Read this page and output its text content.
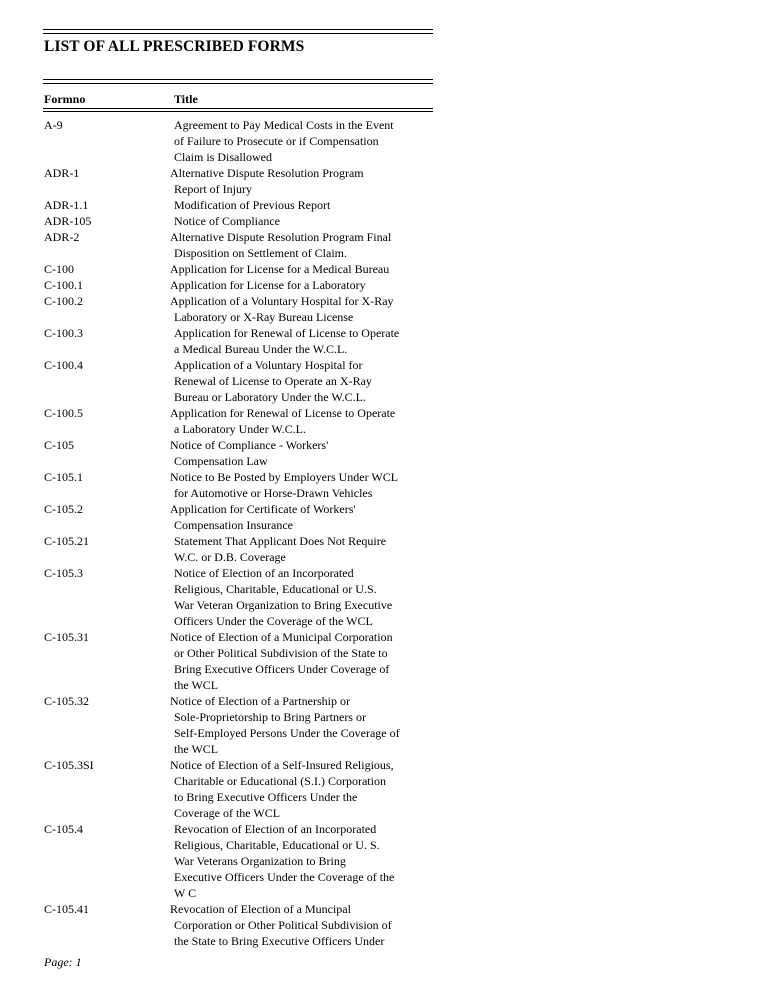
LIST OF ALL PRESCRIBED FORMS
Formno	Title
A-9	Agreement to Pay Medical Costs in the Event
of Failure to Prosecute or if Compensation
Claim is Disallowed
ADR-1	Alternative Dispute Resolution Program
Report of Injury
ADR-1.1	Modification of Previous Report
ADR-105	Notice of Compliance
ADR-2	Alternative Dispute Resolution Program Final
Disposition on Settlement of Claim.
C-100	Application for License for a Medical Bureau
C-100.1	Application for License for a Laboratory
C-100.2	Application of a Voluntary Hospital for X-Ray
Laboratory or X-Ray Bureau License
C-100.3	Application for Renewal of License to Operate
a Medical Bureau Under the W.C.L.
C-100.4	Application of a Voluntary Hospital for
Renewal of License to Operate an X-Ray
Bureau or Laboratory Under the W.C.L.
C-100.5	Application for Renewal of License to Operate
a Laboratory Under W.C.L.
C-105	Notice of Compliance - Workers'
Compensation Law
C-105.1	Notice to Be Posted by Employers Under WCL
for Automotive or Horse-Drawn Vehicles
C-105.2	Application for Certificate of Workers'
Compensation Insurance
C-105.21	Statement That Applicant Does Not Require
W.C. or D.B. Coverage
C-105.3	Notice of Election of an Incorporated
Religious, Charitable, Educational or U.S.
War Veteran Organization to Bring Executive
Officers Under the Coverage of the WCL
C-105.31	Notice of Election of a Municipal Corporation
or Other Political Subdivision of the State to
Bring Executive Officers Under Coverage of
the WCL
C-105.32	Notice of Election of a Partnership or
Sole-Proprietorship to Bring Partners or
Self-Employed Persons Under the Coverage of
the WCL
C-105.3SI	Notice of Election of a Self-Insured Religious,
Charitable or Educational (S.I.) Corporation
to Bring Executive Officers Under the
Coverage of the WCL
C-105.4	Revocation of Election of an Incorporated
Religious, Charitable, Educational or U. S.
War Veterans Organization to Bring
Executive Officers Under the Coverage of the
W C
C-105.41	Revocation of Election of a Muncipal
Corporation or Other Political Subdivision of
the State to Bring Executive Officers Under
Page: 1
